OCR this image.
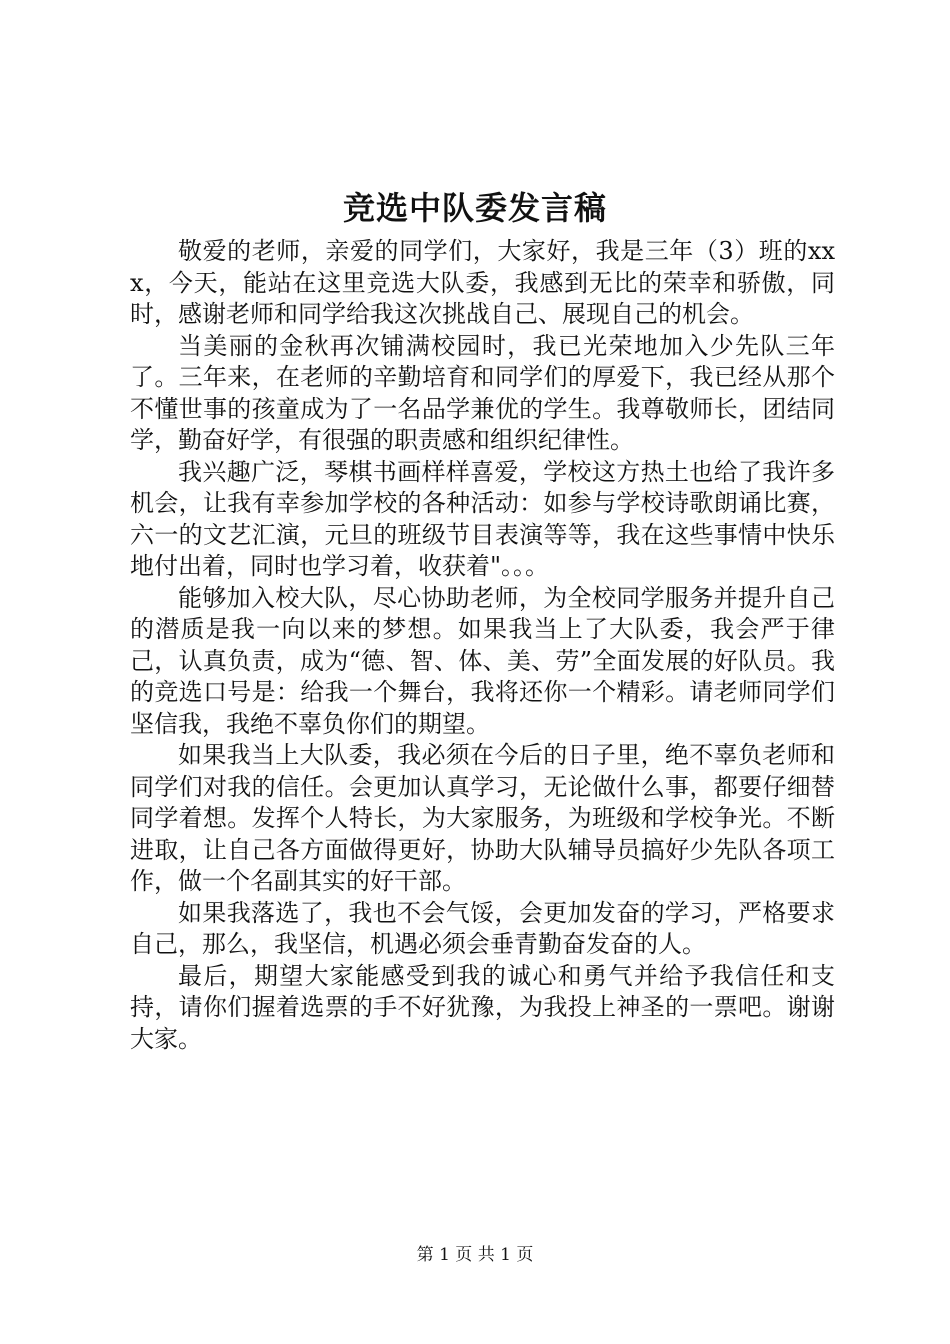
竞选中队委发言稿

敬爱的老师，亲爱的同学们，大家好，我是三年（3）班的xxx，今天，能站在这里竞选大队委，我感到无比的荣幸和骄傲，同时，感谢老师和同学给我这次挑战自己、展现自己的机会。

当美丽的金秋再次铺满校园时，我已光荣地加入少先队三年了。三年来，在老师的辛勤培育和同学们的厚爱下，我已经从那个不懂世事的孩童成为了一名品学兼优的学生。我尊敬师长，团结同学，勤奋好学，有很强的职责感和组织纪律性。

我兴趣广泛，琴棋书画样样喜爱，学校这方热土也给了我许多机会，让我有幸参加学校的各种活动：如参与学校诗歌朗诵比赛，六一的文艺汇演，元旦的班级节目表演等等，我在这些事情中快乐地付出着，同时也学习着，收获着"。。。

能够加入校大队，尽心协助老师，为全校同学服务并提升自己的潜质是我一向以来的梦想。如果我当上了大队委，我会严于律己，认真负责，成为“德、智、体、美、劳”全面发展的好队员。我的竞选口号是：给我一个舞台，我将还你一个精彩。请老师同学们坚信我，我绝不辜负你们的期望。

如果我当上大队委，我必须在今后的日子里，绝不辜负老师和同学们对我的信任。会更加认真学习，无论做什么事，都要仔细替同学着想。发挥个人特长，为大家服务，为班级和学校争光。不断进取，让自己各方面做得更好，协助大队辅导员搞好少先队各项工作，做一个名副其实的好干部。

如果我落选了，我也不会气馁，会更加发奋的学习，严格要求自己，那么，我坚信，机遇必须会垂青勤奋发奋的人。

最后，期望大家能感受到我的诚心和勇气并给予我信任和支持，请你们握着选票的手不好犹豫，为我投上神圣的一票吧。谢谢大家。

第 1 页 共 1 页
